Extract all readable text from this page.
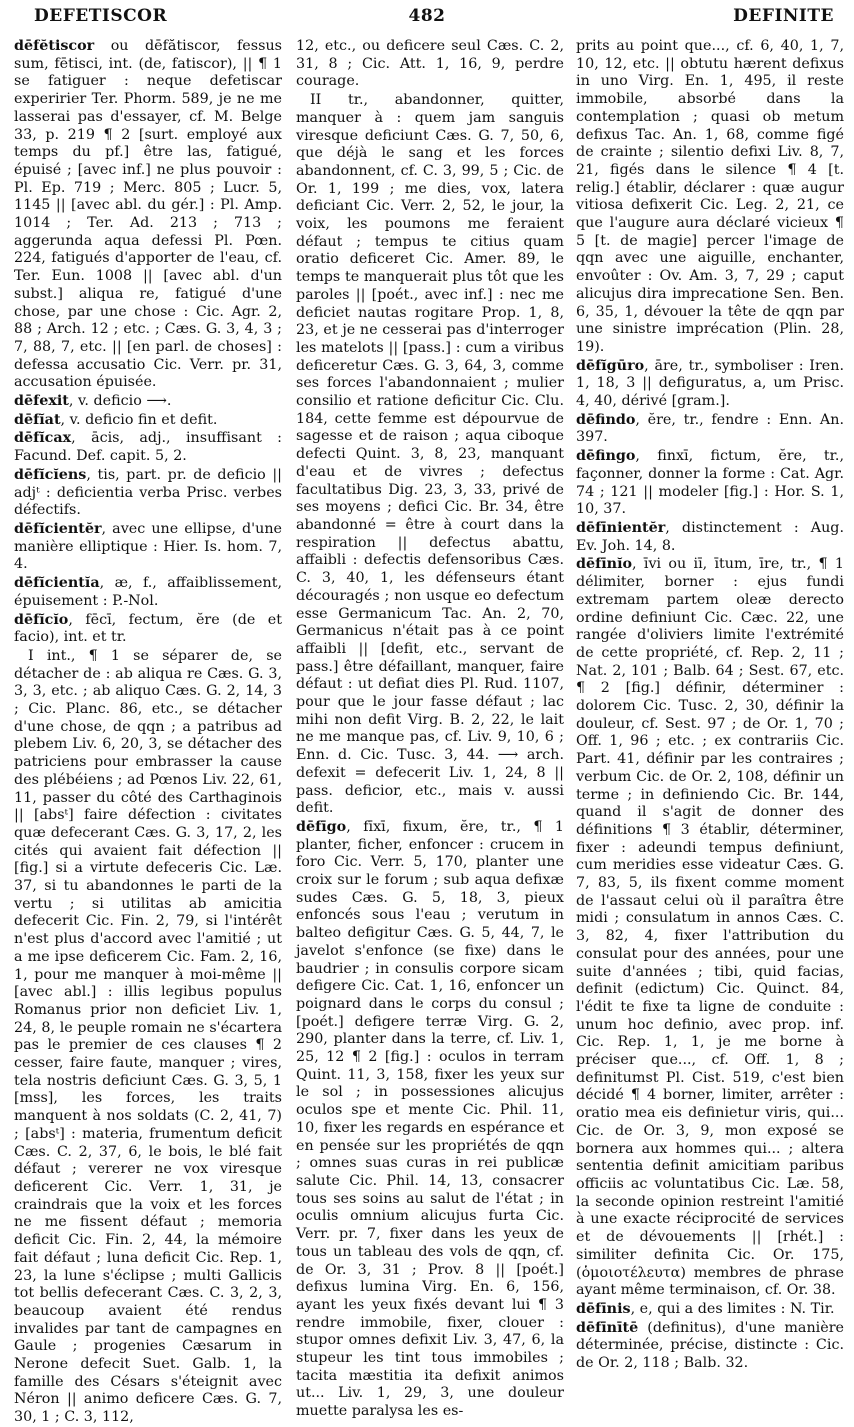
DEFETISCOR	482	DEFINITE

dēfĕtiscor ou dēfătiscor, fessus sum, fētisci, int. (de, fatiscor), || ¶ 1 se fatiguer : neque defetiscar experirier Ter. Phorm. 589, je ne me lasserai pas d'essayer, cf. M. Belge 33, p. 219 ¶ 2 [surt. employé aux temps du pf.] être las, fatigué, épuisé ; [avec inf.] ne plus pouvoir : Pl. Ep. 719 ; Merc. 805 ; Lucr. 5, 1145 || [avec abl. du gér.] : Pl. Amp. 1014 ; Ter. Ad. 213 ; 713 ; aggerunda aqua defessi Pl. Pœn. 224, fatigués d'apporter de l'eau, cf. Ter. Eun. 1008 || [avec abl. d'un subst.] aliqua re, fatigué d'une chose, par une chose : Cic. Agr. 2, 88 ; Arch. 12 ; etc. ; Cæs. G. 3, 4, 3 ; 7, 88, 7, etc. || [en parl. de choses] : defessa accusatio Cic. Verr. pr. 31, accusation épuisée.

dēfexit, v. deficio ⟶.

dēfĭat, v. deficio fin et defit.

dēfĭcax, ācis, adj., insuffisant : Facund. Def. capit. 5, 2.

dēfĭcĭens, tis, part. pr. de deficio || adjᵗ : deficientia verba Prisc. verbes défectifs.

dēfĭcientĕr, avec une ellipse, d'une manière elliptique : Hier. Is. hom. 7, 4.

dēfĭcientĭa, æ, f., affaiblissement, épuisement : P.-Nol.

dēfĭcĭo, fēcī, fectum, ĕre (de et facio), int. et tr.

I int., ¶ 1 se séparer de, se détacher de : ab aliqua re Cæs. G. 3, 3, 3, etc. ; ab aliquo Cæs. G. 2, 14, 3 ; Cic. Planc. 86, etc., se détacher d'une chose, de qqn ; a patribus ad plebem Liv. 6, 20, 3, se détacher des patriciens pour embrasser la cause des plébéiens ; ad Pœnos Liv. 22, 61, 11, passer du côté des Carthaginois || [absᵗ] faire défection : civitates quæ defecerant Cæs. G. 3, 17, 2, les cités qui avaient fait défection || [fig.] si a virtute defeceris Cic. Læ. 37, si tu abandonnes le parti de la vertu ; si utilitas ab amicitia defecerit Cic. Fin. 2, 79, si l'intérêt n'est plus d'accord avec l'amitié ; ut a me ipse deficerem Cic. Fam. 2, 16, 1, pour me manquer à moi-même || [avec abl.] : illis legibus populus Romanus prior non deficiet Liv. 1, 24, 8, le peuple romain ne s'écartera pas le premier de ces clauses ¶ 2 cesser, faire faute, manquer ; vires, tela nostris deficiunt Cæs. G. 3, 5, 1 [mss], les forces, les traits manquent à nos soldats (C. 2, 41, 7) ; [absᵗ] : materia, frumentum deficit Cæs. C. 2, 37, 6, le bois, le blé fait défaut ; vererer ne vox viresque deficerent Cic. Verr. 1, 31, je craindrais que la voix et les forces ne me fissent défaut ; memoria deficit Cic. Fin. 2, 44, la mémoire fait défaut ; luna deficit Cic. Rep. 1, 23, la lune s'éclipse ; multi Gallicis tot bellis defecerant Cæs. C. 3, 2, 3, beaucoup avaient été rendus invalides par tant de campagnes en Gaule ; progenies Cæsarum in Nerone defecit Suet. Galb. 1, la famille des Césars s'éteignit avec Néron || animo deficere Cæs. G. 7, 30, 1 ; C. 3, 112,

12, etc., ou deficere seul Cæs. C. 2, 31, 8 ; Cic. Att. 1, 16, 9, perdre courage.

II tr., abandonner, quitter, manquer à : quem jam sanguis viresque deficiunt Cæs. G. 7, 50, 6, que déjà le sang et les forces abandonnent, cf. C. 3, 99, 5 ; Cic. de Or. 1, 199 ; me dies, vox, latera deficiant Cic. Verr. 2, 52, le jour, la voix, les poumons me feraient défaut ; tempus te citius quam oratio deficeret Cic. Amer. 89, le temps te manquerait plus tôt que les paroles || [poét., avec inf.] : nec me deficiet nautas rogitare Prop. 1, 8, 23, et je ne cesserai pas d'interroger les matelots || [pass.] : cum a viribus deficeretur Cæs. G. 3, 64, 3, comme ses forces l'abandonnaient ; mulier consilio et ratione deficitur Cic. Clu. 184, cette femme est dépourvue de sagesse et de raison ; aqua ciboque defecti Quint. 3, 8, 23, manquant d'eau et de vivres ; defectus facultatibus Dig. 23, 3, 33, privé de ses moyens ; defici Cic. Br. 34, être abandonné = être à court dans la respiration || defectus abattu, affaibli : defectis defensoribus Cæs. C. 3, 40, 1, les défenseurs étant découragés ; non usque eo defectum esse Germanicum Tac. An. 2, 70, Germanicus n'était pas à ce point affaibli || [defit, etc., servant de pass.] être défaillant, manquer, faire défaut : ut defiat dies Pl. Rud. 1107, pour que le jour fasse défaut ; lac mihi non defit Virg. B. 2, 22, le lait ne me manque pas, cf. Liv. 9, 10, 6 ; Enn. d. Cic. Tusc. 3, 44. ⟶ arch. defexit = defecerit Liv. 1, 24, 8 || pass. deficior, etc., mais v. aussi defit.

dēfīgo, fīxī, fixum, ĕre, tr., ¶ 1 planter, ficher, enfoncer : crucem in foro Cic. Verr. 5, 170, planter une croix sur le forum ; sub aqua defixæ sudes Cæs. G. 5, 18, 3, pieux enfoncés sous l'eau ; verutum in balteo defigitur Cæs. G. 5, 44, 7, le javelot s'enfonce (se fixe) dans le baudrier ; in consulis corpore sicam defigere Cic. Cat. 1, 16, enfoncer un poignard dans le corps du consul ; [poét.] defigere terræ Virg. G. 2, 290, planter dans la terre, cf. Liv. 1, 25, 12 ¶ 2 [fig.] : oculos in terram Quint. 11, 3, 158, fixer les yeux sur le sol ; in possessiones alicujus oculos spe et mente Cic. Phil. 11, 10, fixer les regards en espérance et en pensée sur les propriétés de qqn ; omnes suas curas in rei publicæ salute Cic. Phil. 14, 13, consacrer tous ses soins au salut de l'état ; in oculis omnium alicujus furta Cic. Verr. pr. 7, fixer dans les yeux de tous un tableau des vols de qqn, cf. de Or. 3, 31 ; Prov. 8 || [poét.] defixus lumina Virg. En. 6, 156, ayant les yeux fixés devant lui ¶ 3 rendre immobile, fixer, clouer : stupor omnes defixit Liv. 3, 47, 6, la stupeur les tint tous immobiles ; tacita mæstitia ita defixit animos ut... Liv. 1, 29, 3, une douleur muette paralysa les es-

prits au point que..., cf. 6, 40, 1, 7, 10, 12, etc. || obtutu hærent defixus in uno Virg. En. 1, 495, il reste immobile, absorbé dans la contemplation ; quasi ob metum defixus Tac. An. 1, 68, comme figé de crainte ; silentio defixi Liv. 8, 7, 21, figés dans le silence ¶ 4 [t. relig.] établir, déclarer : quæ augur vitiosa defixerit Cic. Leg. 2, 21, ce que l'augure aura déclaré vicieux ¶ 5 [t. de magie] percer l'image de qqn avec une aiguille, enchanter, envoûter : Ov. Am. 3, 7, 29 ; caput alicujus dira imprecatione Sen. Ben. 6, 35, 1, dévouer la tête de qqn par une sinistre imprécation (Plin. 28, 19).

dēfĭgūro, āre, tr., symboliser : Iren. 1, 18, 3 || defiguratus, a, um Prisc. 4, 40, dérivé [gram.].

dēfindo, ĕre, tr., fendre : Enn. An. 397.

dēfingo, finxī, fictum, ĕre, tr., façonner, donner la forme : Cat. Agr. 74 ; 121 || modeler [fig.] : Hor. S. 1, 10, 37.

dēfīnientĕr, distinctement : Aug. Ev. Joh. 14, 8.

dēfīnĭo, īvi ou iī, ītum, īre, tr., ¶ 1 délimiter, borner : ejus fundi extremam partem oleæ derecto ordine definiunt Cic. Cæc. 22, une rangée d'oliviers limite l'extrémité de cette propriété, cf. Rep. 2, 11 ; Nat. 2, 101 ; Balb. 64 ; Sest. 67, etc. ¶ 2 [fig.] définir, déterminer : dolorem Cic. Tusc. 2, 30, définir la douleur, cf. Sest. 97 ; de Or. 1, 70 ; Off. 1, 96 ; etc. ; ex contrariis Cic. Part. 41, définir par les contraires ; verbum Cic. de Or. 2, 108, définir un terme ; in definiendo Cic. Br. 144, quand il s'agit de donner des définitions ¶ 3 établir, déterminer, fixer : adeundi tempus definiunt, cum meridies esse videatur Cæs. G. 7, 83, 5, ils fixent comme moment de l'assaut celui où il paraîtra être midi ; consulatum in annos Cæs. C. 3, 82, 4, fixer l'attribution du consulat pour des années, pour une suite d'années ; tibi, quid facias, definit (edictum) Cic. Quinct. 84, l'édit te fixe ta ligne de conduite : unum hoc definio, avec prop. inf. Cic. Rep. 1, 1, je me borne à préciser que..., cf. Off. 1, 8 ; definitumst Pl. Cist. 519, c'est bien décidé ¶ 4 borner, limiter, arrêter : oratio mea eis definietur viris, qui... Cic. de Or. 3, 9, mon exposé se bornera aux hommes qui... ; altera sententia definit amicitiam paribus officiis ac voluntatibus Cic. Læ. 58, la seconde opinion restreint l'amitié à une exacte réciprocité de services et de dévouements || [rhét.] : similiter definita Cic. Or. 175, (ὁμοιοτέλευτα) membres de phrase ayant même terminaison, cf. Or. 38.

dēfīnis, e, qui a des limites : N. Tir.

dēfīnītē (definitus), d'une manière déterminée, précise, distincte : Cic. de Or. 2, 118 ; Balb. 32.
